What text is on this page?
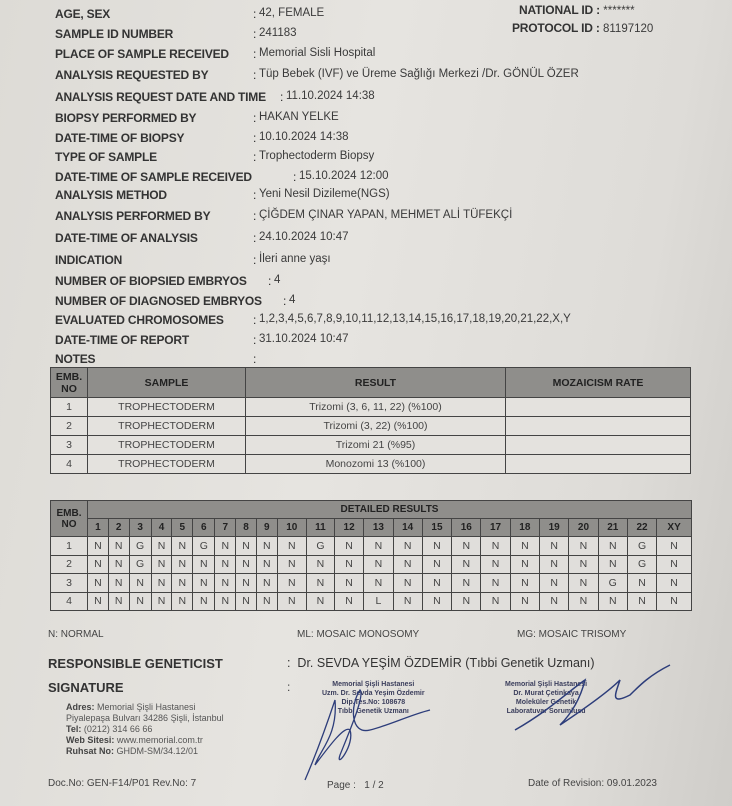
AGE, SEX	: 42, FEMALE
SAMPLE ID NUMBER	: 241183
PLACE OF SAMPLE RECEIVED : Memorial Sisli Hospital
ANALYSIS REQUESTED BY	: Tüp Bebek (IVF) ve Üreme Sağlığı Merkezi /Dr. GÖNÜL ÖZER
ANALYSIS REQUEST DATE AND TIME : 11.10.2024 14:38
BIOPSY PERFORMED BY	: HAKAN YELKE
DATE-TIME OF BIOPSY	: 10.10.2024 14:38
TYPE OF SAMPLE	: Trophectoderm Biopsy
DATE-TIME OF SAMPLE RECEIVED	: 15.10.2024 12:00
ANALYSIS METHOD	: Yeni Nesil Dizileme(NGS)
ANALYSIS PERFORMED BY	: ÇİĞDEM ÇINAR YAPAN, MEHMET ALİ TÜFEKÇİ
DATE-TIME OF ANALYSIS	: 24.10.2024 10:47
INDICATION	: İleri anne yaşı
NUMBER OF BIOPSIED EMBRYOS : 4
NUMBER OF DIAGNOSED EMBRYOS : 4
EVALUATED CHROMOSOMES : 1,2,3,4,5,6,7,8,9,10,11,12,13,14,15,16,17,18,19,20,21,22,X,Y
DATE-TIME OF REPORT	: 31.10.2024 10:47
NOTES	:
NATIONAL ID : *******
PROTOCOL ID : 81197120
EMB. NO	SAMPLE	RESULT	MOZAICISM RATE
1	TROPHECTODERM	Trizomi (3, 6, 11, 22) (%100)	
2	TROPHECTODERM	Trizomi (3, 22) (%100)	
3	TROPHECTODERM	Trizomi 21 (%95)	
4	TROPHECTODERM	Monozomi 13 (%100)	
EMB. NO	DETAILED RESULTS																						
	1	2	3	4	5	6	7	8	9	10	11	12	13	14	15	16	17	18	19	20	21	22	XY
1	N	N	G	N	N	G	N	N	N	N	G	N	N	N	N	N	N	N	N	N	N	G	N
2	N	N	G	N	N	N	N	N	N	N	N	N	N	N	N	N	N	N	N	N	N	G	N
3	N	N	N	N	N	N	N	N	N	N	N	N	N	N	N	N	N	N	N	N	G	N	N
4	N	N	N	N	N	N	N	N	N	N	N	N	L	N	N	N	N	N	N	N	N	N	N
N: NORMAL	ML: MOSAIC MONOSOMY	MG: MOSAIC TRISOMY
RESPONSIBLE GENETICIST	:  Dr. SEVDA YEŞİM ÖZDEMİR (Tıbbi Genetik Uzmanı)
SIGNATURE	:	Memorial Şişli Hastanesi
Uzm. Dr. Sevda Yeşim Özdemir
Dip.Tes.No: 108678
Tıbbi Genetik Uzmanı
Memorial Şişli Hastanesi
Dr. Murat Çetinkaya
Moleküler Genetik
Laboratuvar Sorumlusu
Adres: Memorial Şişli Hastanesi
Piyalepaşa Bulvarı 34286 Şişli, İstanbul
Tel: (0212) 314 66 66
Web Sitesi: www.memorial.com.tr
Ruhsat No: GHDM-SM/34.12/01
Doc.No: GEN-F14/P01 Rev.No: 7	Page : 1 / 2	Date of Revision: 09.01.2023
